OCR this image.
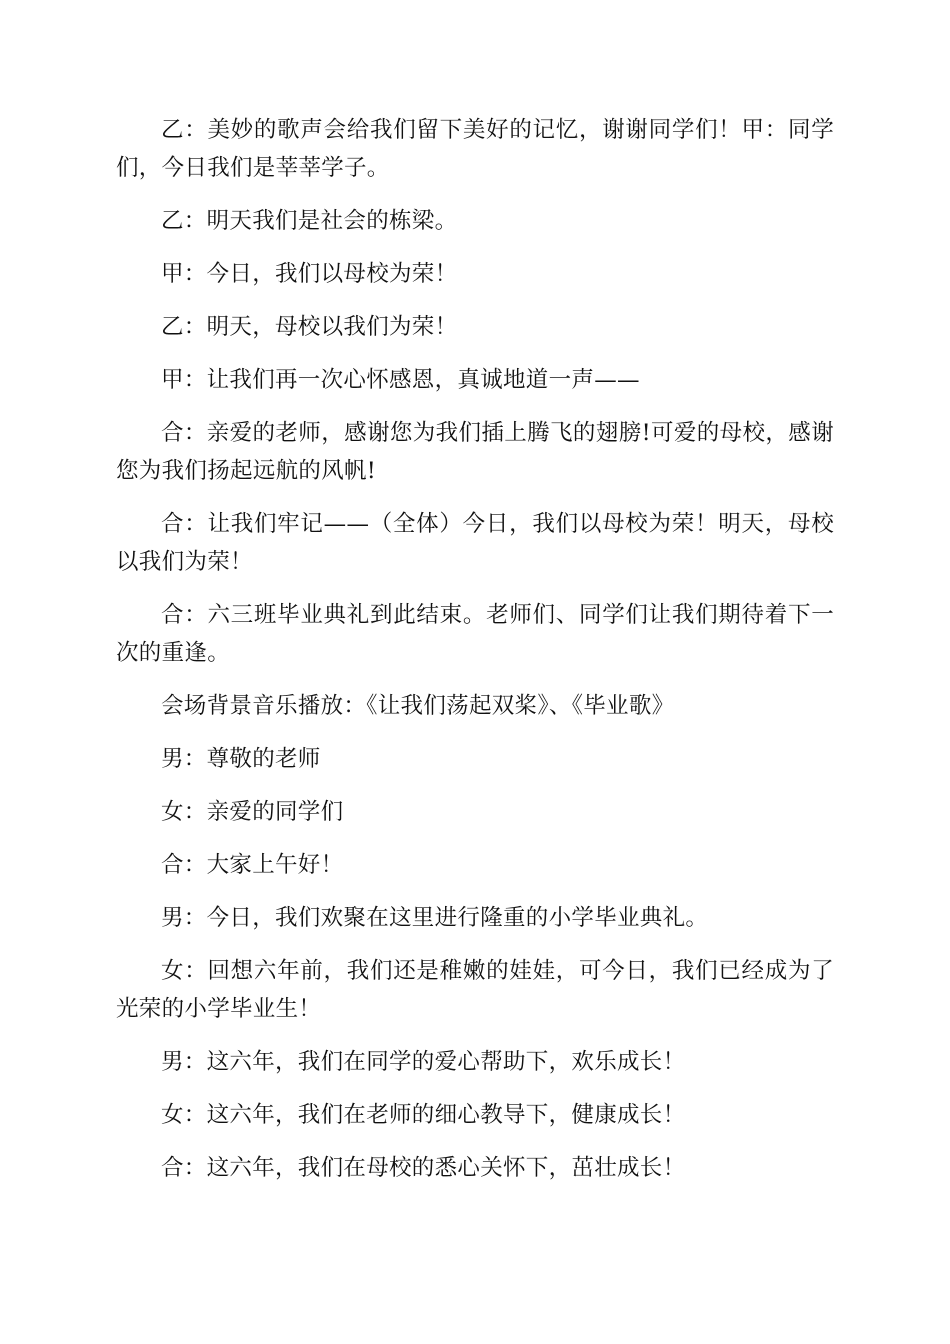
乙：美妙的歌声会给我们留下美好的记忆，谢谢同学们！甲：同学们，今日我们是莘莘学子。

乙：明天我们是社会的栋梁。

甲：今日，我们以母校为荣！

乙：明天，母校以我们为荣！

甲：让我们再一次心怀感恩，真诚地道一声——

合：亲爱的老师，感谢您为我们插上腾飞的翅膀!可爱的母校，感谢您为我们扬起远航的风帆!

合：让我们牢记——（全体）今日，我们以母校为荣！明天，母校以我们为荣！

合：六三班毕业典礼到此结束。老师们、同学们让我们期待着下一次的重逢。

会场背景音乐播放：《让我们荡起双桨》、《毕业歌》

男：尊敬的老师

女：亲爱的同学们

合：大家上午好！

男：今日，我们欢聚在这里进行隆重的小学毕业典礼。

女：回想六年前，我们还是稚嫩的娃娃，可今日，我们已经成为了光荣的小学毕业生！

男：这六年，我们在同学的爱心帮助下，欢乐成长！

女：这六年，我们在老师的细心教导下，健康成长！

合：这六年，我们在母校的悉心关怀下，茁壮成长！
